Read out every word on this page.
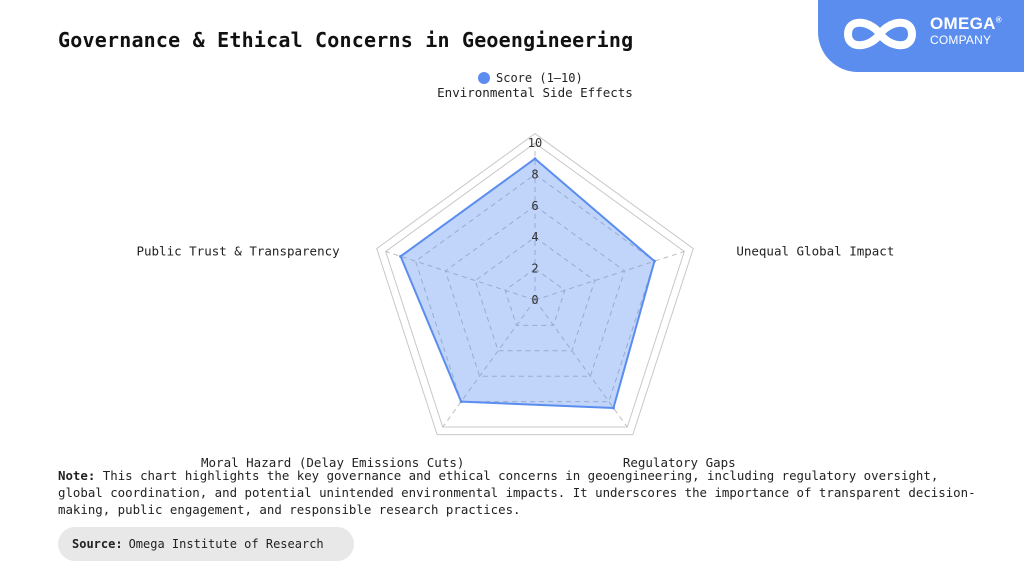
Governance & Ethical Concerns in Geoengineering
OMEGA®
COMPANY
Score (1–10)
0
2
4
6
8
10
Environmental Side Effects
Unequal Global Impact
Regulatory Gaps
Moral Hazard (Delay Emissions Cuts)
Public Trust & Transparency
Note: This chart highlights the key governance and ethical concerns in geoengineering, including regulatory oversight, global coordination, and potential unintended environmental impacts. It underscores the importance of transparent decision-making, public engagement, and responsible research practices.
Source: Omega Institute of Research
